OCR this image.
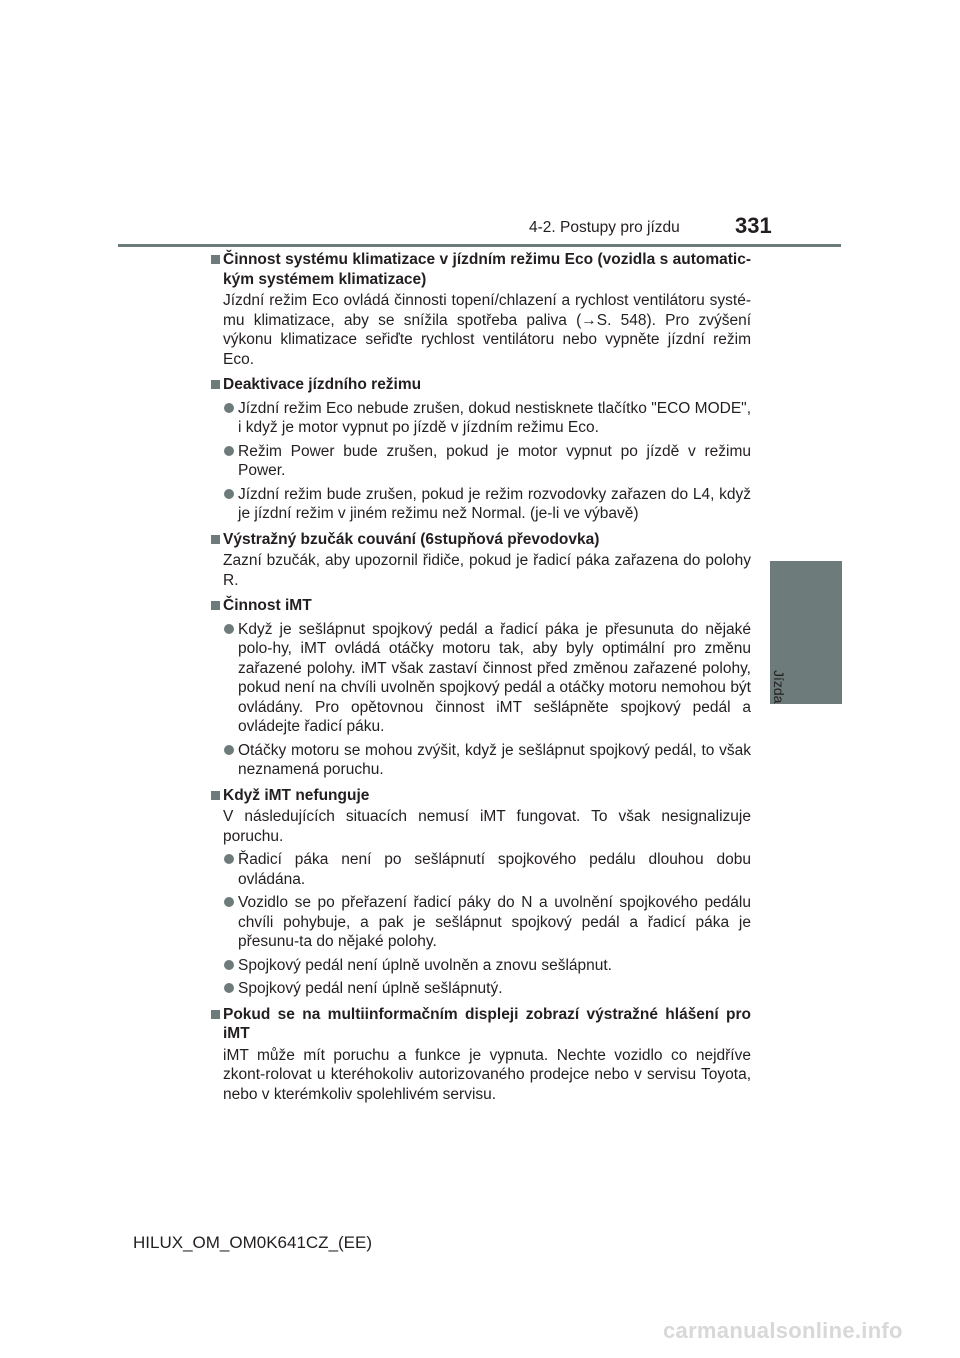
4-2. Postupy pro jízdu	331
4
Jízda
Činnost systému klimatizace v jízdním režimu Eco (vozidla s automatic-kým systémem klimatizace)
Jízdní režim Eco ovládá činnosti topení/chlazení a rychlost ventilátoru systé-mu klimatizace, aby se snížila spotřeba paliva (→S. 548). Pro zvýšení výkonu klimatizace seřiďte rychlost ventilátoru nebo vypněte jízdní režim Eco.
Deaktivace jízdního režimu
Jízdní režim Eco nebude zrušen, dokud nestisknete tlačítko "ECO MODE", i když je motor vypnut po jízdě v jízdním režimu Eco.
Režim Power bude zrušen, pokud je motor vypnut po jízdě v režimu Power.
Jízdní režim bude zrušen, pokud je režim rozvodovky zařazen do L4, když je jízdní režim v jiném režimu než Normal. (je-li ve výbavě)
Výstražný bzučák couvání (6stupňová převodovka)
Zazní bzučák, aby upozornil řidiče, pokud je řadicí páka zařazena do polohy R.
Činnost iMT
Když je sešlápnut spojkový pedál a řadicí páka je přesunuta do nějaké polo-hy, iMT ovládá otáčky motoru tak, aby byly optimální pro změnu zařazené polohy. iMT však zastaví činnost před změnou zařazené polohy, pokud není na chvíli uvolněn spojkový pedál a otáčky motoru nemohou být ovládány. Pro opětovnou činnost iMT sešlápněte spojkový pedál a ovládejte řadicí páku.
Otáčky motoru se mohou zvýšit, když je sešlápnut spojkový pedál, to však neznamená poruchu.
Když iMT nefunguje
V následujících situacích nemusí iMT fungovat. To však nesignalizuje poruchu.
Řadicí páka není po sešlápnutí spojkového pedálu dlouhou dobu ovládána.
Vozidlo se po přeřazení řadicí páky do N a uvolnění spojkového pedálu chvíli pohybuje, a pak je sešlápnut spojkový pedál a řadicí páka je přesunu-ta do nějaké polohy.
Spojkový pedál není úplně uvolněn a znovu sešlápnut.
Spojkový pedál není úplně sešlápnutý.
Pokud se na multiinformačním displeji zobrazí výstražné hlášení pro iMT
iMT může mít poruchu a funkce je vypnuta. Nechte vozidlo co nejdříve zkont-rolovat u kteréhokoliv autorizovaného prodejce nebo v servisu Toyota, nebo v kterémkoliv spolehlivém servisu.
HILUX_OM_OM0K641CZ_(EE)
carmanualsonline.info
